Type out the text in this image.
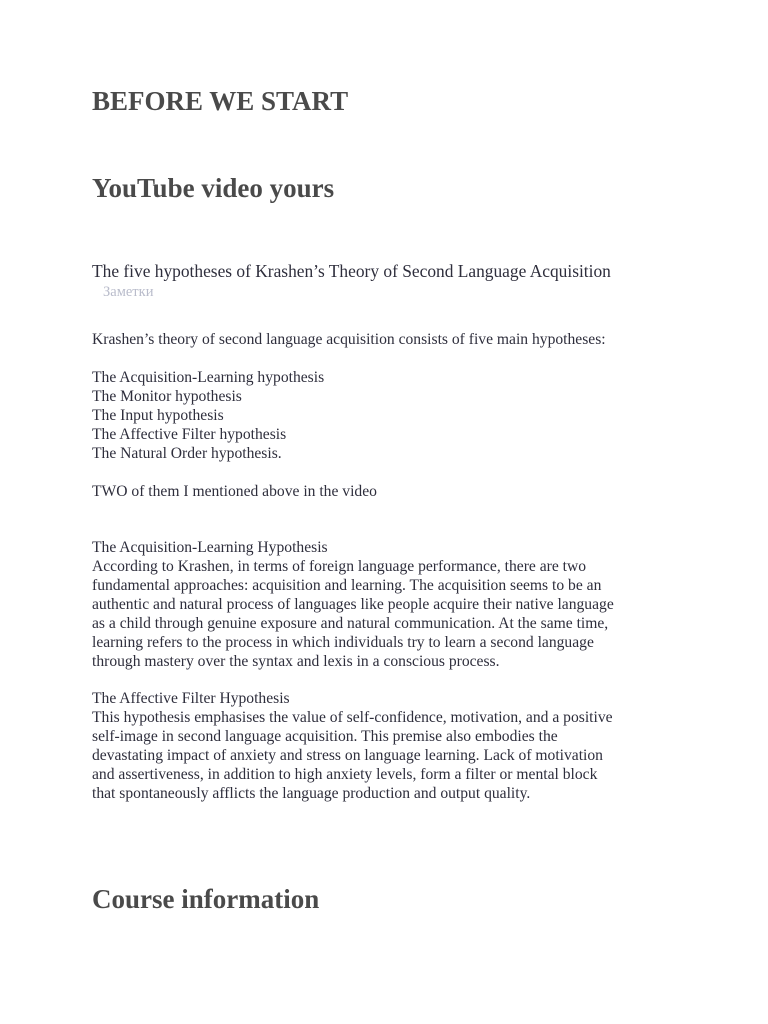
BEFORE WE START
YouTube video yours

The five hypotheses of Krashen’s Theory of Second Language Acquisition

Заметки

Krashen’s theory of second language acquisition consists of five main hypotheses:

The Acquisition-Learning hypothesis
The Monitor hypothesis
The Input hypothesis
The Affective Filter hypothesis
The Natural Order hypothesis.

TWO of them I mentioned above in the video

The Acquisition-Learning Hypothesis

According to Krashen, in terms of foreign language performance, there are two

fundamental approaches: acquisition and learning. The acquisition seems to be an

authentic and natural process of languages like people acquire their native language

as a child through genuine exposure and natural communication. At the same time,

learning refers to the process in which individuals try to learn a second language

through mastery over the syntax and lexis in a conscious process.

The Affective Filter Hypothesis

This hypothesis emphasises the value of self-confidence, motivation, and a positive

self-image in second language acquisition. This premise also embodies the

devastating impact of anxiety and stress on language learning. Lack of motivation

and assertiveness, in addition to high anxiety levels, form a filter or mental block

that spontaneously afflicts the language production and output quality.

Course information
